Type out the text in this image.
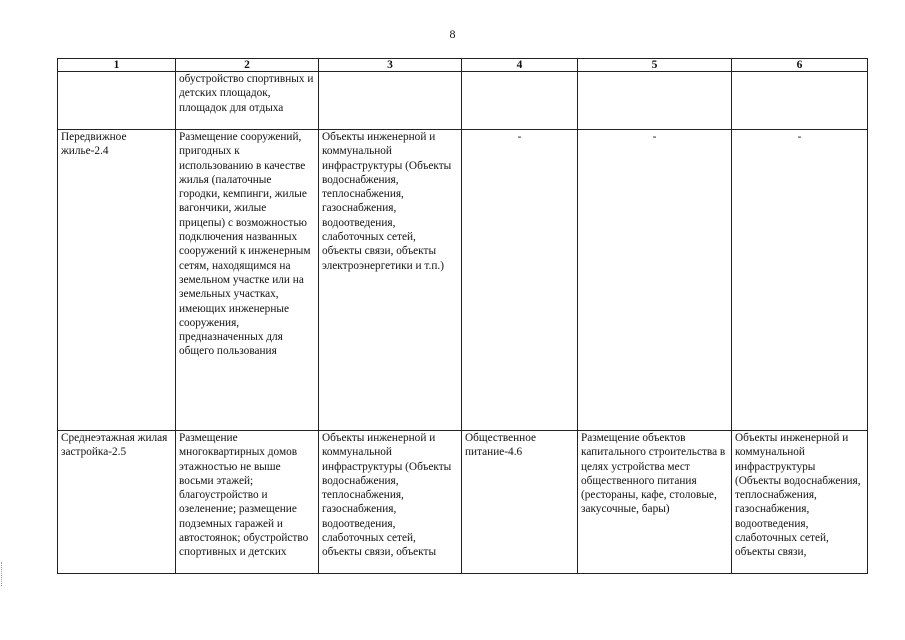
8
1	2	3	4	5	6
	обустройство спортивных и детских площадок, площадок для отдыха				
Передвижное жилье-2.4	Размещение сооружений, пригодных к использованию в качестве жилья (палаточные городки, кемпинги, жилые вагончики, жилые прицепы) с возможностью подключения названных сооружений к инженерным сетям, находящимся на земельном участке или на земельных участках, имеющих инженерные сооружения, предназначенных для общего пользования	Объекты инженерной и коммунальной инфраструктуры (Объекты водоснабжения, теплоснабжения, газоснабжения, водоотведения, слаботочных сетей, объекты связи, объекты электроэнергетики и т.п.)	-	-	-

Среднеэтажная жилая застройка-2.5	Размещение многоквартирных домов этажностью не выше восьми этажей; благоустройство и озеленение; размещение подземных гаражей и автостоянок; обустройство спортивных и детских	Объекты инженерной и коммунальной инфраструктуры (Объекты водоснабжения, теплоснабжения, газоснабжения, водоотведения, слаботочных сетей, объекты связи, объекты	Общественное питание-4.6	Размещение объектов капитального строительства в целях устройства мест общественного питания (рестораны, кафе, столовые, закусочные, бары)	Объекты инженерной и коммунальной инфраструктуры (Объекты водоснабжения, теплоснабжения, газоснабжения, водоотведения, слаботочных сетей, объекты связи,
